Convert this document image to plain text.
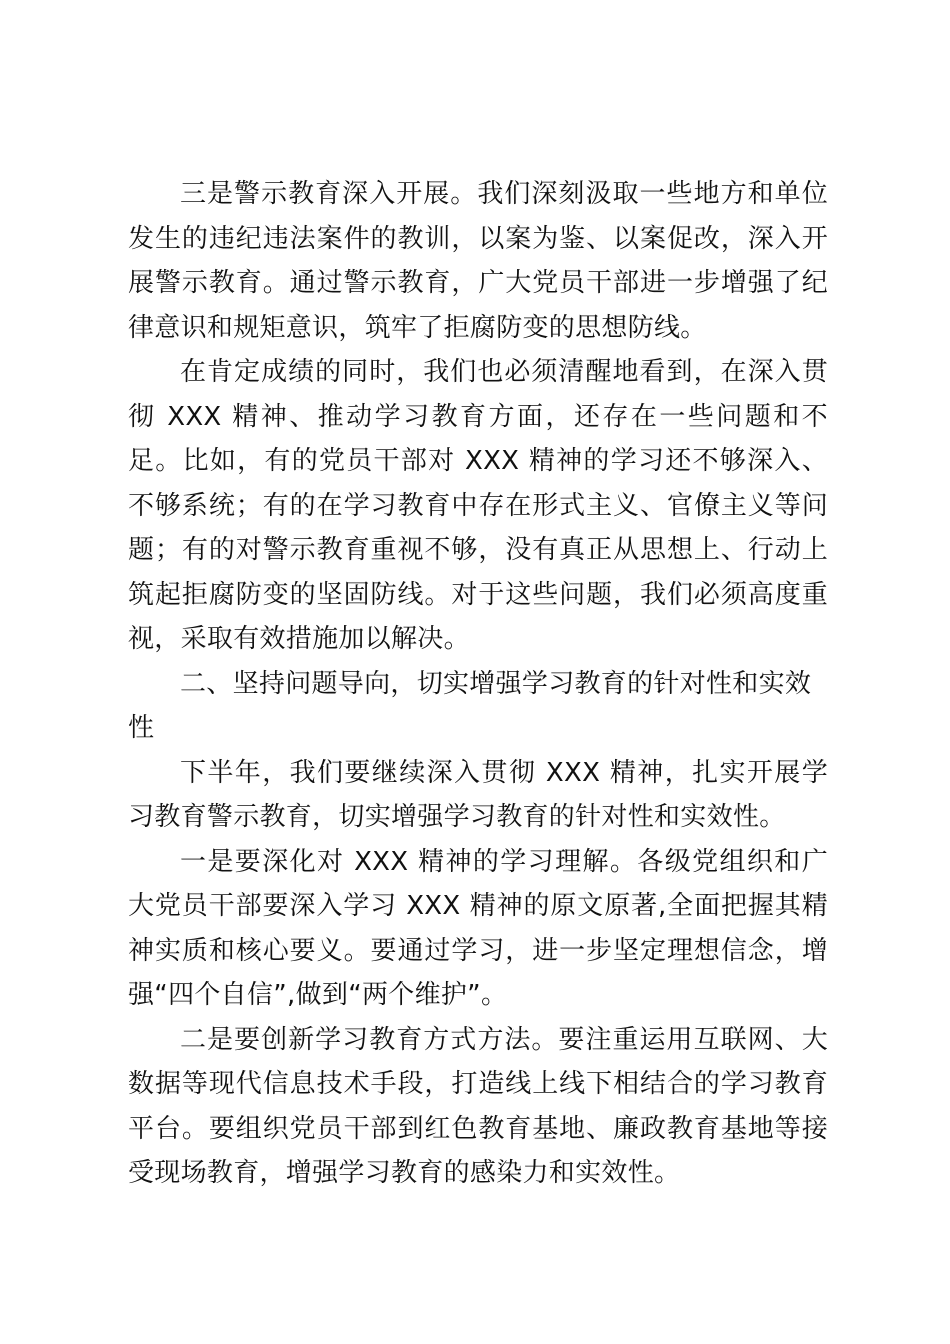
三是警示教育深入开展。我们深刻汲取一些地方和单位发生的违纪违法案件的教训，以案为鉴、以案促改，深入开展警示教育。通过警示教育，广大党员干部进一步增强了纪律意识和规矩意识，筑牢了拒腐防变的思想防线。

在肯定成绩的同时，我们也必须清醒地看到，在深入贯彻 XXX 精神、推动学习教育方面，还存在一些问题和不足。比如，有的党员干部对 XXX 精神的学习还不够深入、不够系统；有的在学习教育中存在形式主义、官僚主义等问题；有的对警示教育重视不够，没有真正从思想上、行动上筑起拒腐防变的坚固防线。对于这些问题，我们必须高度重视，采取有效措施加以解决。

二、坚持问题导向，切实增强学习教育的针对性和实效性

下半年，我们要继续深入贯彻 XXX 精神，扎实开展学习教育警示教育，切实增强学习教育的针对性和实效性。

一是要深化对 XXX 精神的学习理解。各级党组织和广大党员干部要深入学习 XXX 精神的原文原著,全面把握其精神实质和核心要义。要通过学习，进一步坚定理想信念，增强“四个自信”,做到“两个维护”。

二是要创新学习教育方式方法。要注重运用互联网、大数据等现代信息技术手段，打造线上线下相结合的学习教育平台。要组织党员干部到红色教育基地、廉政教育基地等接受现场教育，增强学习教育的感染力和实效性。
